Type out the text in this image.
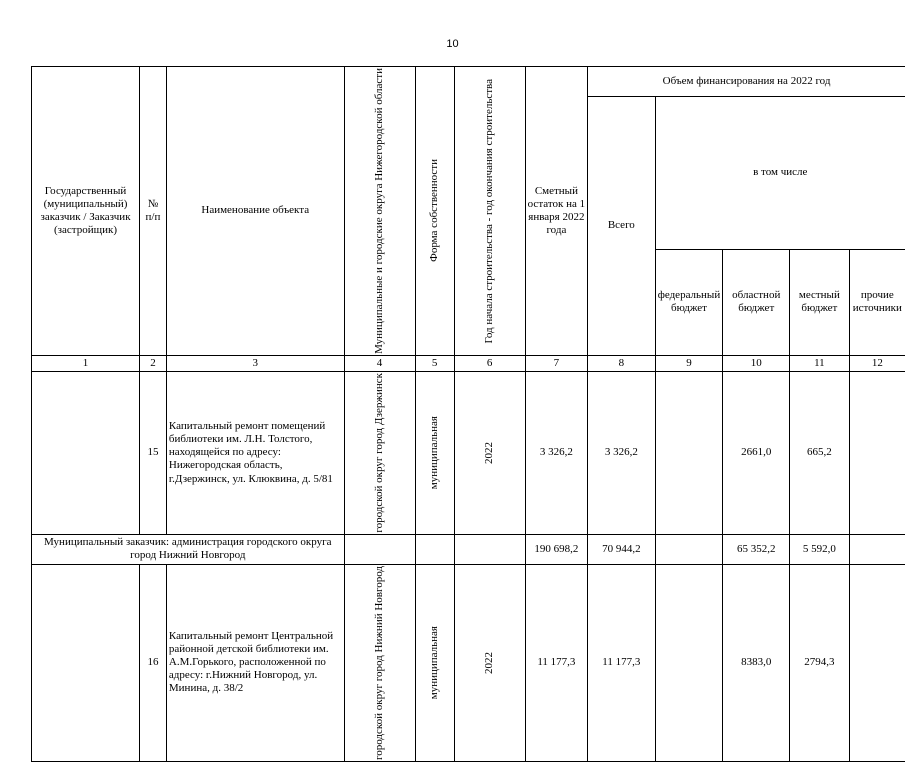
10
Государственный (муниципальный) заказчик / Заказчик (застройщик)	№ п/п	Наименование объекта	Муниципальные и городские округа Нижегородской области	Форма собственности	Год начала строительства - год окончания строительства	Сметный остаток на 1 января 2022 года	Объем финансирования на 2022 год				
							Всего	в том числе			
								федеральный бюджет	областной бюджет	местный бюджет	прочие источники
1	2	3	4	5	6	7	8	9	10	11	12
	15	Капитальный ремонт помещений библиотеки им. Л.Н. Толстого, находящейся по адресу: Нижегородская область, г.Дзержинск, ул. Клюквина, д. 5/81	городской округ город Дзержинск	муниципальная	2022	3 326,2	3 326,2		2661,0	665,2	
Муниципальный заказчик: администрация городского округа город Нижний Новгород						190 698,2	70 944,2		65 352,2	5 592,0	
	16	Капитальный ремонт Центральной районной детской библиотеки им. А.М.Горького, расположенной по адресу: г.Нижний Новгород, ул. Минина, д. 38/2	городской округ город Нижний Новгород	муниципальная	2022	11 177,3	11 177,3		8383,0	2794,3	
